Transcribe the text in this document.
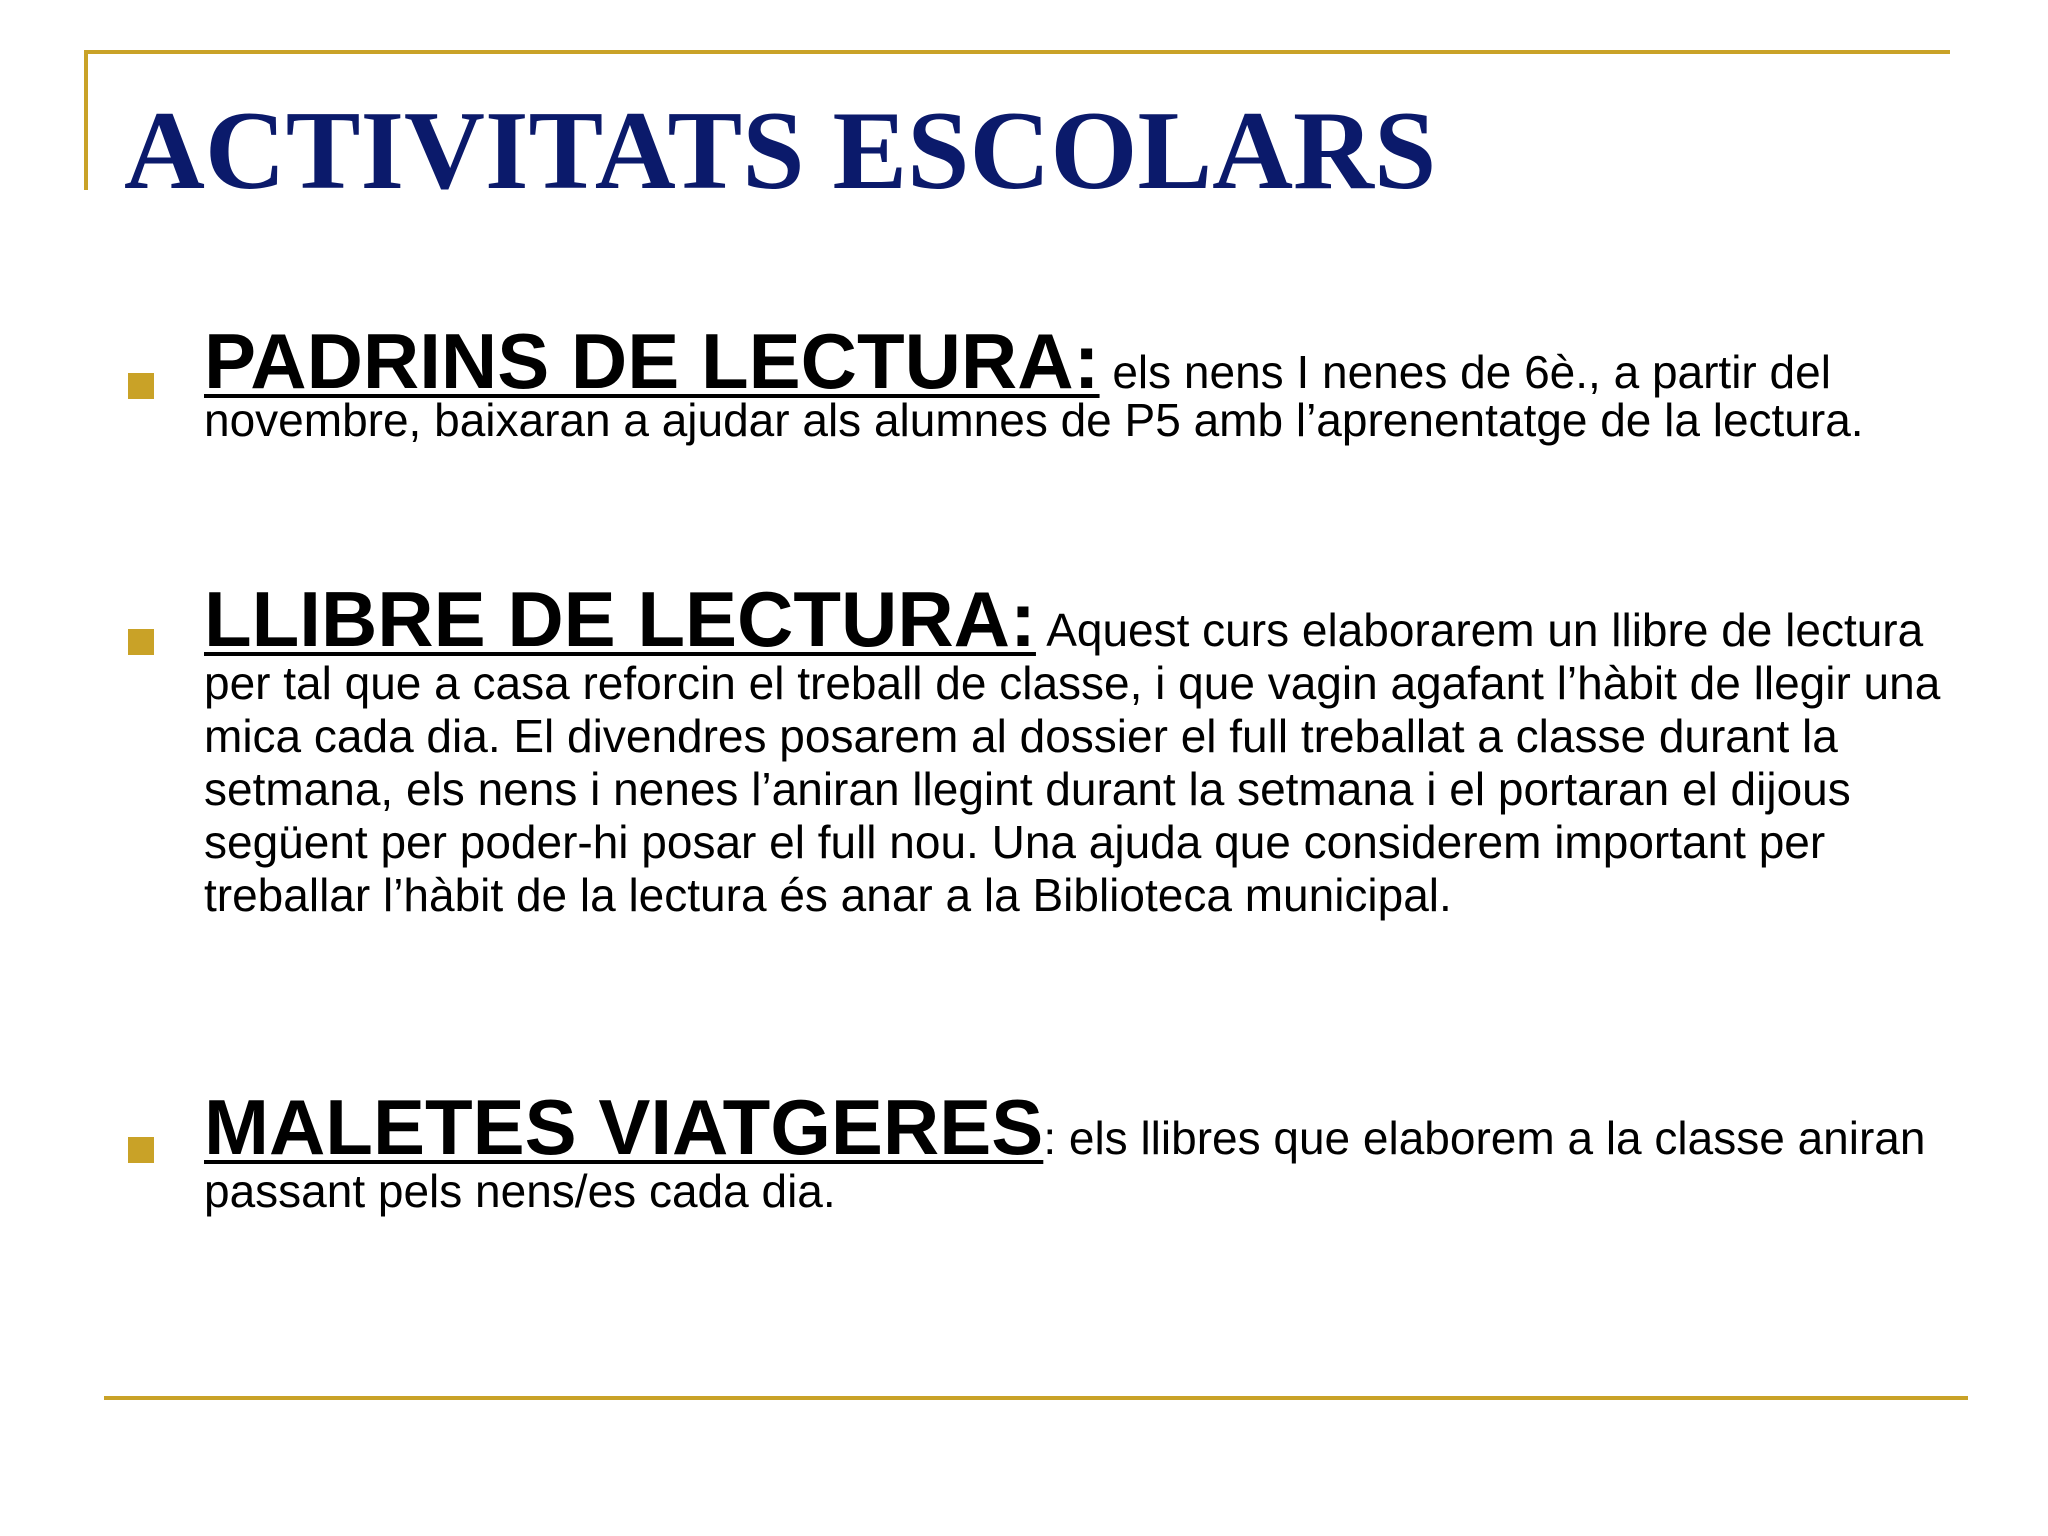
ACTIVITATS ESCOLARS
PADRINS DE LECTURA: els nens I nenes de 6è., a partir del novembre, baixaran a ajudar als alumnes de P5 amb l’aprenentatge de la lectura.
LLIBRE DE LECTURA: Aquest curs elaborarem un llibre de lectura per tal que a casa reforcin el treball de classe, i que vagin agafant l’hàbit de llegir una mica cada dia. El divendres posarem al dossier el full treballat a classe durant la setmana, els nens i nenes l’aniran llegint durant la setmana i el portaran el dijous següent per poder-hi posar el full nou. Una ajuda que considerem important per treballar l’hàbit de la lectura és anar a la Biblioteca municipal.
MALETES VIATGERES: els llibres que elaborem a la classe aniran passant pels nens/es cada dia.
